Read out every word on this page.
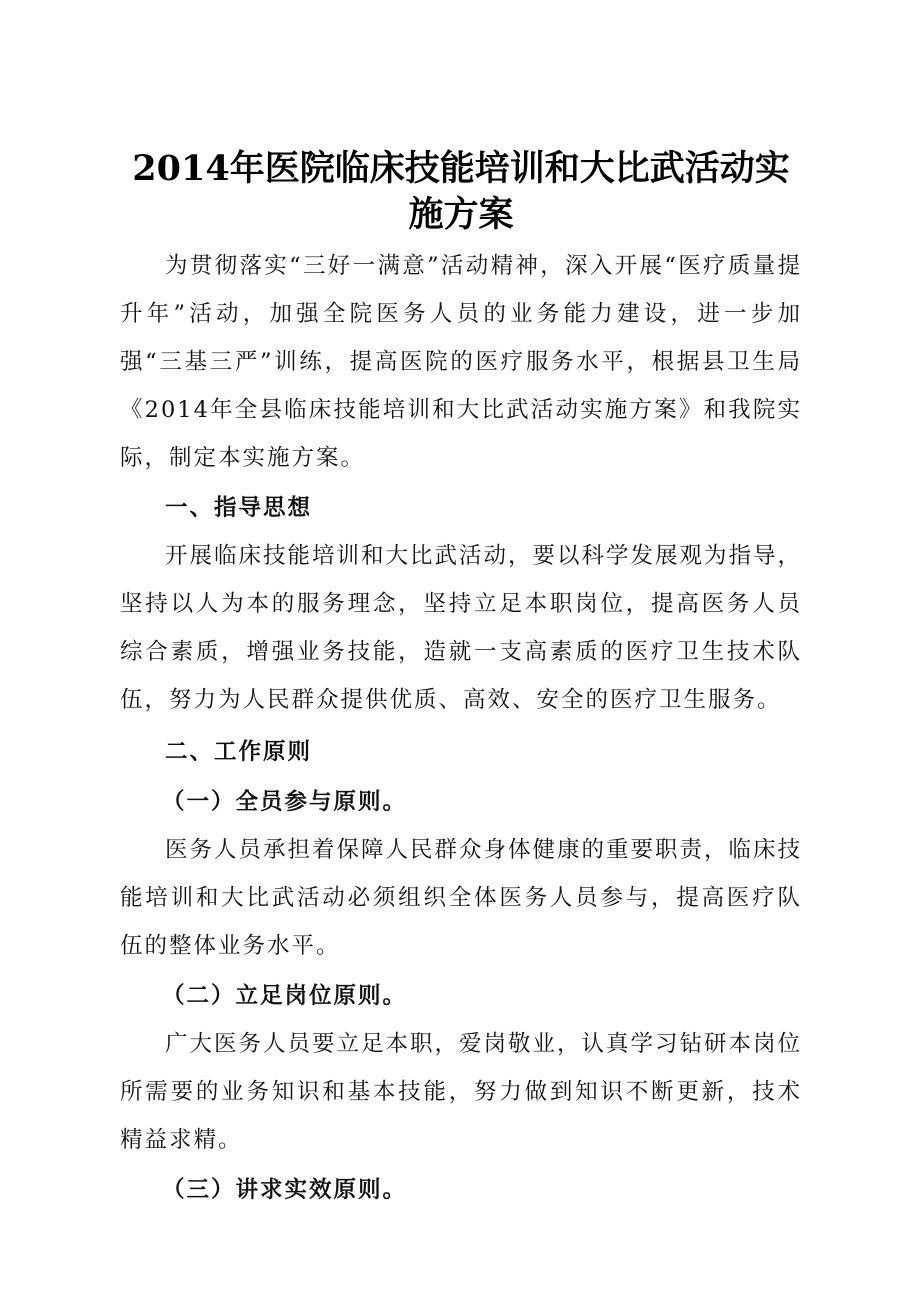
2014年医院临床技能培训和大比武活动实施方案

为贯彻落实“三好一满意”活动精神，深入开展“医疗质量提升年”活动，加强全院医务人员的业务能力建设，进一步加强“三基三严”训练，提高医院的医疗服务水平，根据县卫生局《2014年全县临床技能培训和大比武活动实施方案》和我院实际，制定本实施方案。

一、指导思想

开展临床技能培训和大比武活动，要以科学发展观为指导，坚持以人为本的服务理念，坚持立足本职岗位，提高医务人员综合素质，增强业务技能，造就一支高素质的医疗卫生技术队伍，努力为人民群众提供优质、高效、安全的医疗卫生服务。

二、工作原则

（一）全员参与原则。

医务人员承担着保障人民群众身体健康的重要职责，临床技能培训和大比武活动必须组织全体医务人员参与，提高医疗队伍的整体业务水平。

（二）立足岗位原则。

广大医务人员要立足本职，爱岗敬业，认真学习钻研本岗位所需要的业务知识和基本技能，努力做到知识不断更新，技术精益求精。

（三）讲求实效原则。
